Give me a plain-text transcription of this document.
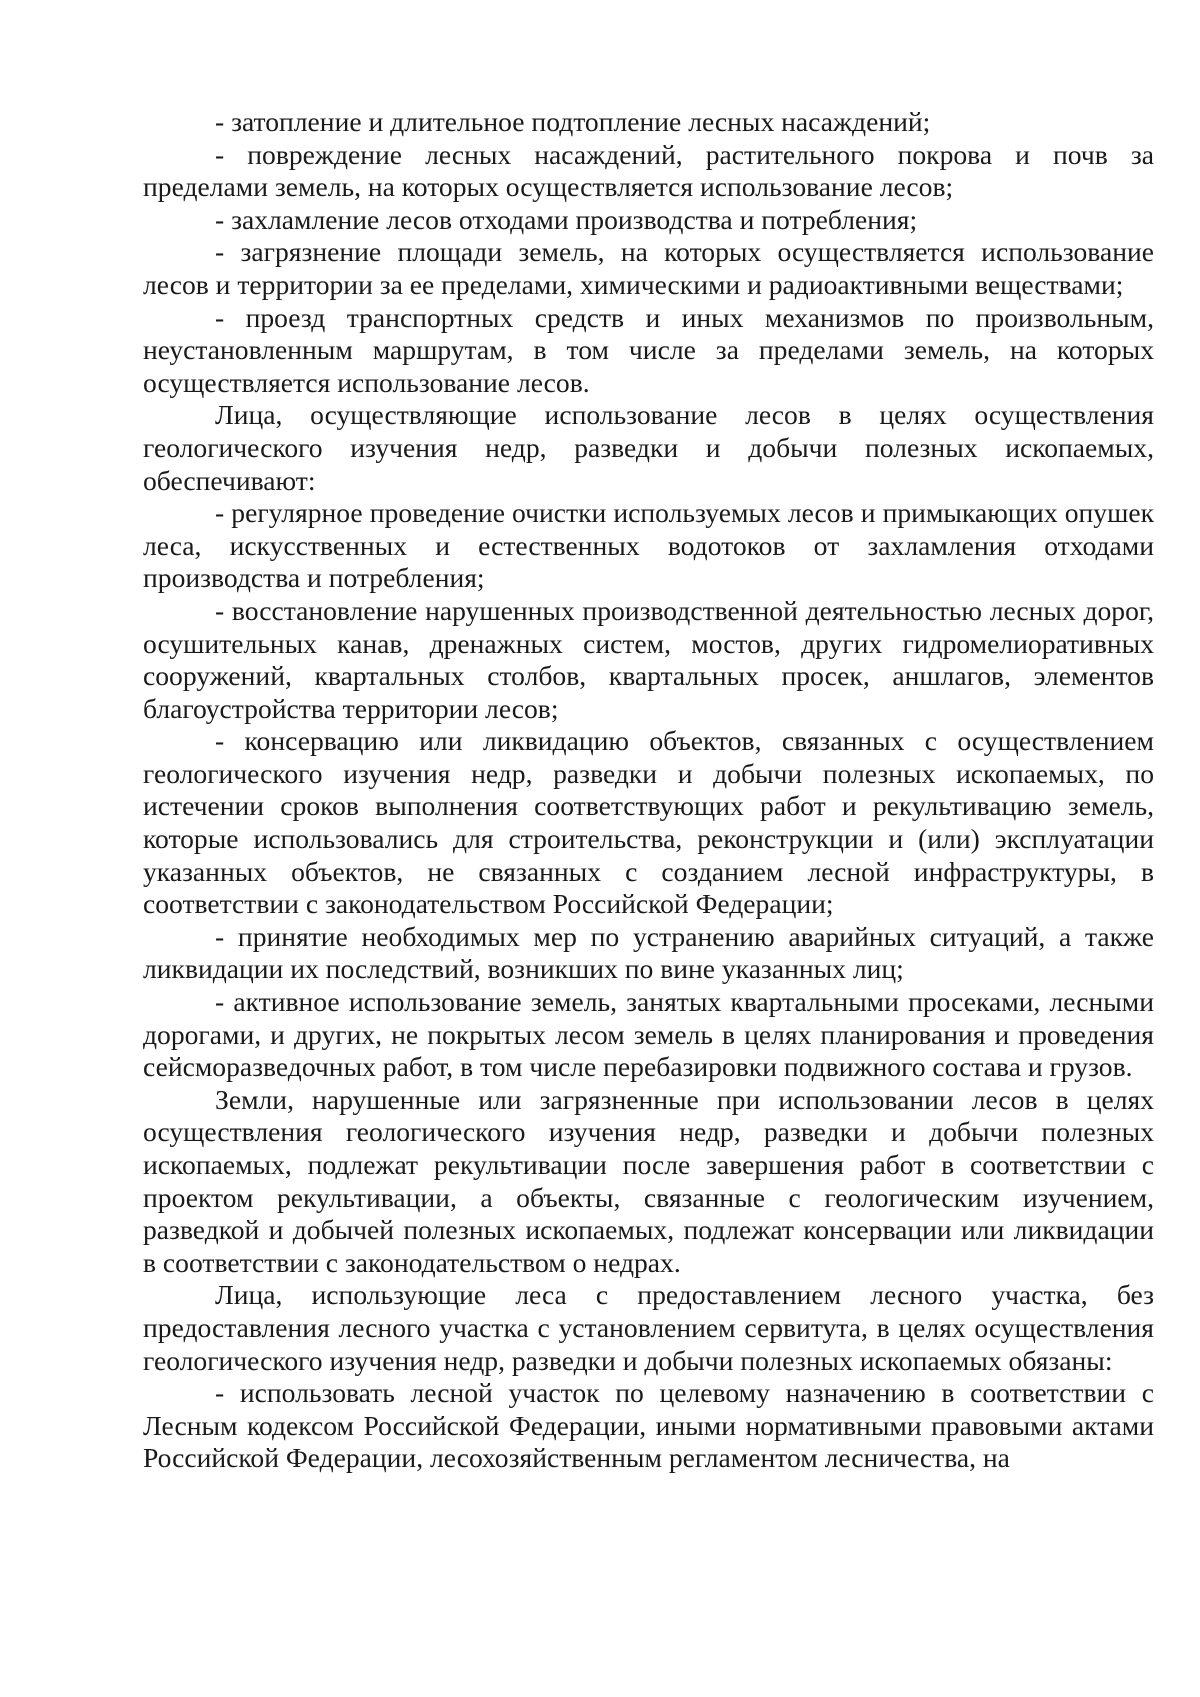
- затопление и длительное подтопление лесных насаждений;

- повреждение лесных насаждений, растительного покрова и почв за пределами земель, на которых осуществляется использование лесов;

- захламление лесов отходами производства и потребления;

- загрязнение площади земель, на которых осуществляется использование лесов и территории за ее пределами, химическими и радиоактивными веществами;

- проезд транспортных средств и иных механизмов по произвольным, неустановленным маршрутам, в том числе за пределами земель, на которых осуществляется использование лесов.

Лица, осуществляющие использование лесов в целях осуществления геологического изучения недр, разведки и добычи полезных ископаемых, обеспечивают:

- регулярное проведение очистки используемых лесов и примыкающих опушек леса, искусственных и естественных водотоков от захламления отходами производства и потребления;

- восстановление нарушенных производственной деятельностью лесных дорог, осушительных канав, дренажных систем, мостов, других гидромелиоративных сооружений, квартальных столбов, квартальных просек, аншлагов, элементов благоустройства территории лесов;

- консервацию или ликвидацию объектов, связанных с осуществлением геологического изучения недр, разведки и добычи полезных ископаемых, по истечении сроков выполнения соответствующих работ и рекультивацию земель, которые использовались для строительства, реконструкции и (или) эксплуатации указанных объектов, не связанных с созданием лесной инфраструктуры, в соответствии с законодательством Российской Федерации;

- принятие необходимых мер по устранению аварийных ситуаций, а также ликвидации их последствий, возникших по вине указанных лиц;

- активное использование земель, занятых квартальными просеками, лесными дорогами, и других, не покрытых лесом земель в целях планирования и проведения сейсморазведочных работ, в том числе перебазировки подвижного состава и грузов.

Земли, нарушенные или загрязненные при использовании лесов в целях осуществления геологического изучения недр, разведки и добычи полезных ископаемых, подлежат рекультивации после завершения работ в соответствии с проектом рекультивации, а объекты, связанные с геологическим изучением, разведкой и добычей полезных ископаемых, подлежат консервации или ликвидации в соответствии с законодательством о недрах.

Лица, использующие леса с предоставлением лесного участка, без предоставления лесного участка с установлением сервитута, в целях осуществления геологического изучения недр, разведки и добычи полезных ископаемых обязаны:

- использовать лесной участок по целевому назначению в соответствии с Лесным кодексом Российской Федерации, иными нормативными правовыми актами Российской Федерации, лесохозяйственным регламентом лесничества, на
